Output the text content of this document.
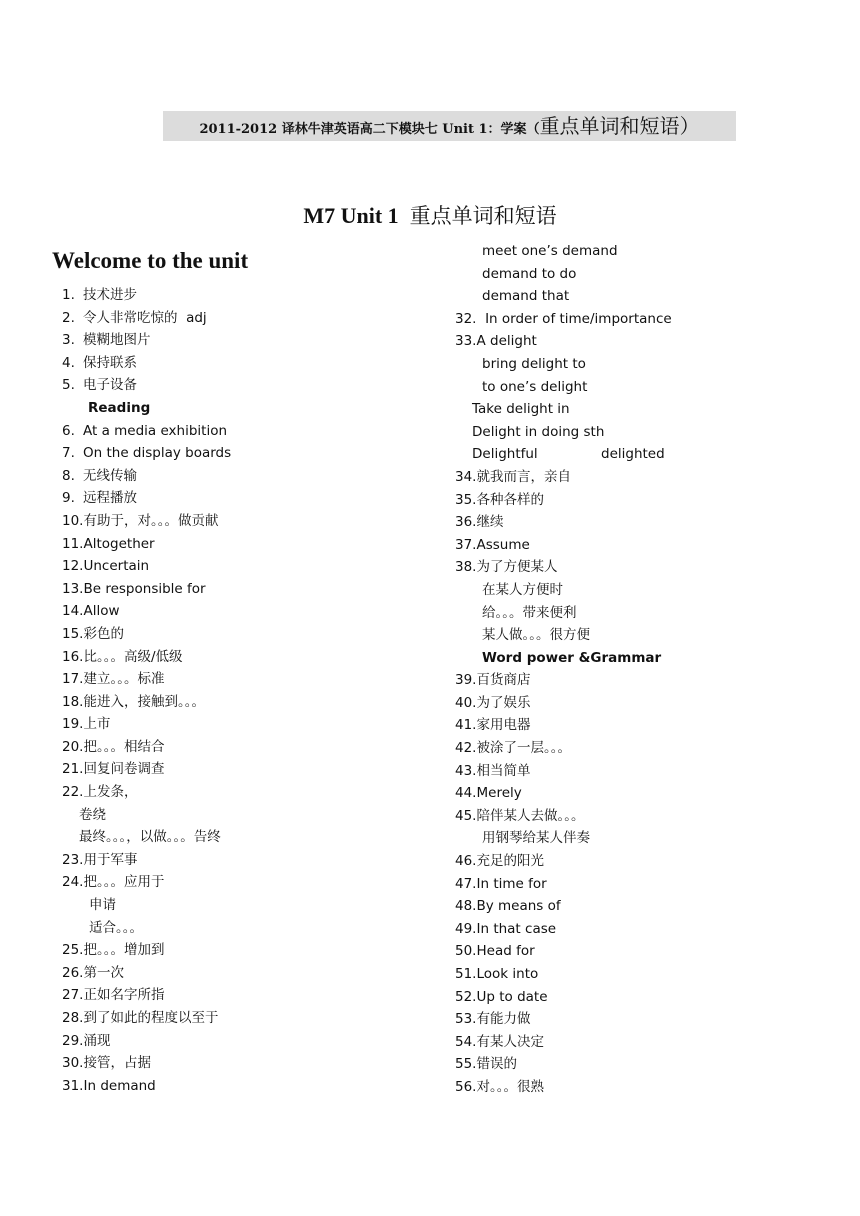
2011-2012 译林牛津英语高二下模块七 Unit 1：学案（重点单词和短语）
M7 Unit 1 重点单词和短语
Welcome to the unit
1. 技术进步
2. 令人非常吃惊的  adj
3. 模糊地图片
4. 保持联系
5. 电子设备
Reading
6. At a media exhibition
7. On the display boards
8. 无线传输
9. 远程播放
10.有助于，对。。。做贡献
11.Altogether
12.Uncertain
13.Be responsible for
14.Allow
15.彩色的
16.比。。。高级/低级
17.建立。。。标准
18.能进入，接触到。。。
19.上市
20.把。。。相结合
21.回复问卷调查
22.上发条，
卷绕
最终。。。，以做。。。告终
23.用于军事
24.把。。。应用于
申请
适合。。。
25.把。。。增加到
26.第一次
27.正如名字所指
28.到了如此的程度以至于
29.涌现
30.接管，占据
31.In demand
meet one’s demand
demand to do
demand that
32.  In order of time/importance
33.A delight
bring delight to
to one’s delight
Take delight in
Delight in doing sth
Delightful	delighted
34.就我而言，亲自
35.各种各样的
36.继续
37.Assume
38.为了方便某人
在某人方便时
给。。。带来便利
某人做。。。很方便
Word power &Grammar
39.百货商店
40.为了娱乐
41.家用电器
42.被涂了一层。。。
43.相当简单
44.Merely
45.陪伴某人去做。。。
用钢琴给某人伴奏
46.充足的阳光
47.In time for
48.By means of
49.In that case
50.Head for
51.Look into
52.Up to date
53.有能力做
54.有某人决定
55.错误的
56.对。。。很熟
